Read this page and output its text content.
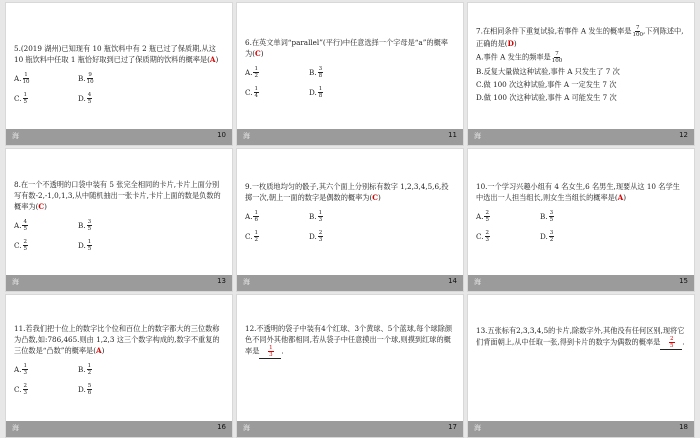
5.(2019 湖州)已知现有 10 瓶饮料中有 2 瓶已过了保质期,从这 10 瓶饮料中任取 1 瓶恰好取到已过了保质期的饮料的概率是(A)
A. $\frac{1}{10}$	B. $\frac{9}{10}$
C. $\frac{1}{5}$	D. $\frac{4}{5}$
海	10
6.在英文单词“parallel”(平行)中任意选择一个字母是“a”的概率为(C)
A. $\frac{1}{2}$	B. $\frac{3}{8}$
C. $\frac{1}{4}$	D. $\frac{1}{8}$
海	11
7.在相同条件下重复试验,若事件 A 发生的概率是 $\frac{7}{100}$ ,下列陈述中,正确的是(D)
A.事件 A 发生的频率是 $\frac{7}{100}$
B.反复大量做这种试验,事件 A 只发生了 7 次
C.做 100 次这种试验,事件 A 一定发生 7 次
D.做 100 次这种试验,事件 A 可能发生 7 次
海	12
8.在一个不透明的口袋中装有 5 张完全相同的卡片,卡片上面分别写有数-2,-1,0,1,3,从中随机抽出一张卡片,卡片上面的数是负数的概率为(C)
A. $\frac{4}{5}$	B. $\frac{3}{5}$
C. $\frac{2}{5}$	D. $\frac{1}{5}$
海	13
9.一枚质地均匀的骰子,其六个面上分别标有数字 1,2,3,4,5,6,投掷一次,朝上一面的数字是偶数的概率为(C)
A. $\frac{1}{6}$	B. $\frac{1}{3}$
C. $\frac{1}{2}$	D. $\frac{2}{3}$
海	14
10.一个学习兴趣小组有 4 名女生,6 名男生,现要从这 10 名学生中选出一人担当组长,则女生当组长的概率是(A)
A. $\frac{2}{5}$	B. $\frac{3}{5}$
C. $\frac{2}{3}$	D. $\frac{3}{2}$
海	15
11.若我们把十位上的数字比个位和百位上的数字都大的三位数称为凸数,如:786,465.则由 1,2,3 这三个数字构成的,数字不重复的三位数是“凸数”的概率是(A)
A. $\frac{1}{3}$	B. $\frac{1}{2}$
C. $\frac{2}{3}$	D. $\frac{5}{6}$
海	16
12.不透明的袋子中装有4个红球、3个黄球、5个蓝球,每个球除颜色不同外其他都相同,若从袋子中任意摸出一个球,则摸到红球的概率是 $\frac{1}{3}$ .
海	17
13.五张标有2,3,3,4,5的卡片,除数字外,其他没有任何区别,现将它们背面朝上,从中任取一张,得到卡片的数字为偶数的概率是 $\frac{2}{5}$ .
海	18
